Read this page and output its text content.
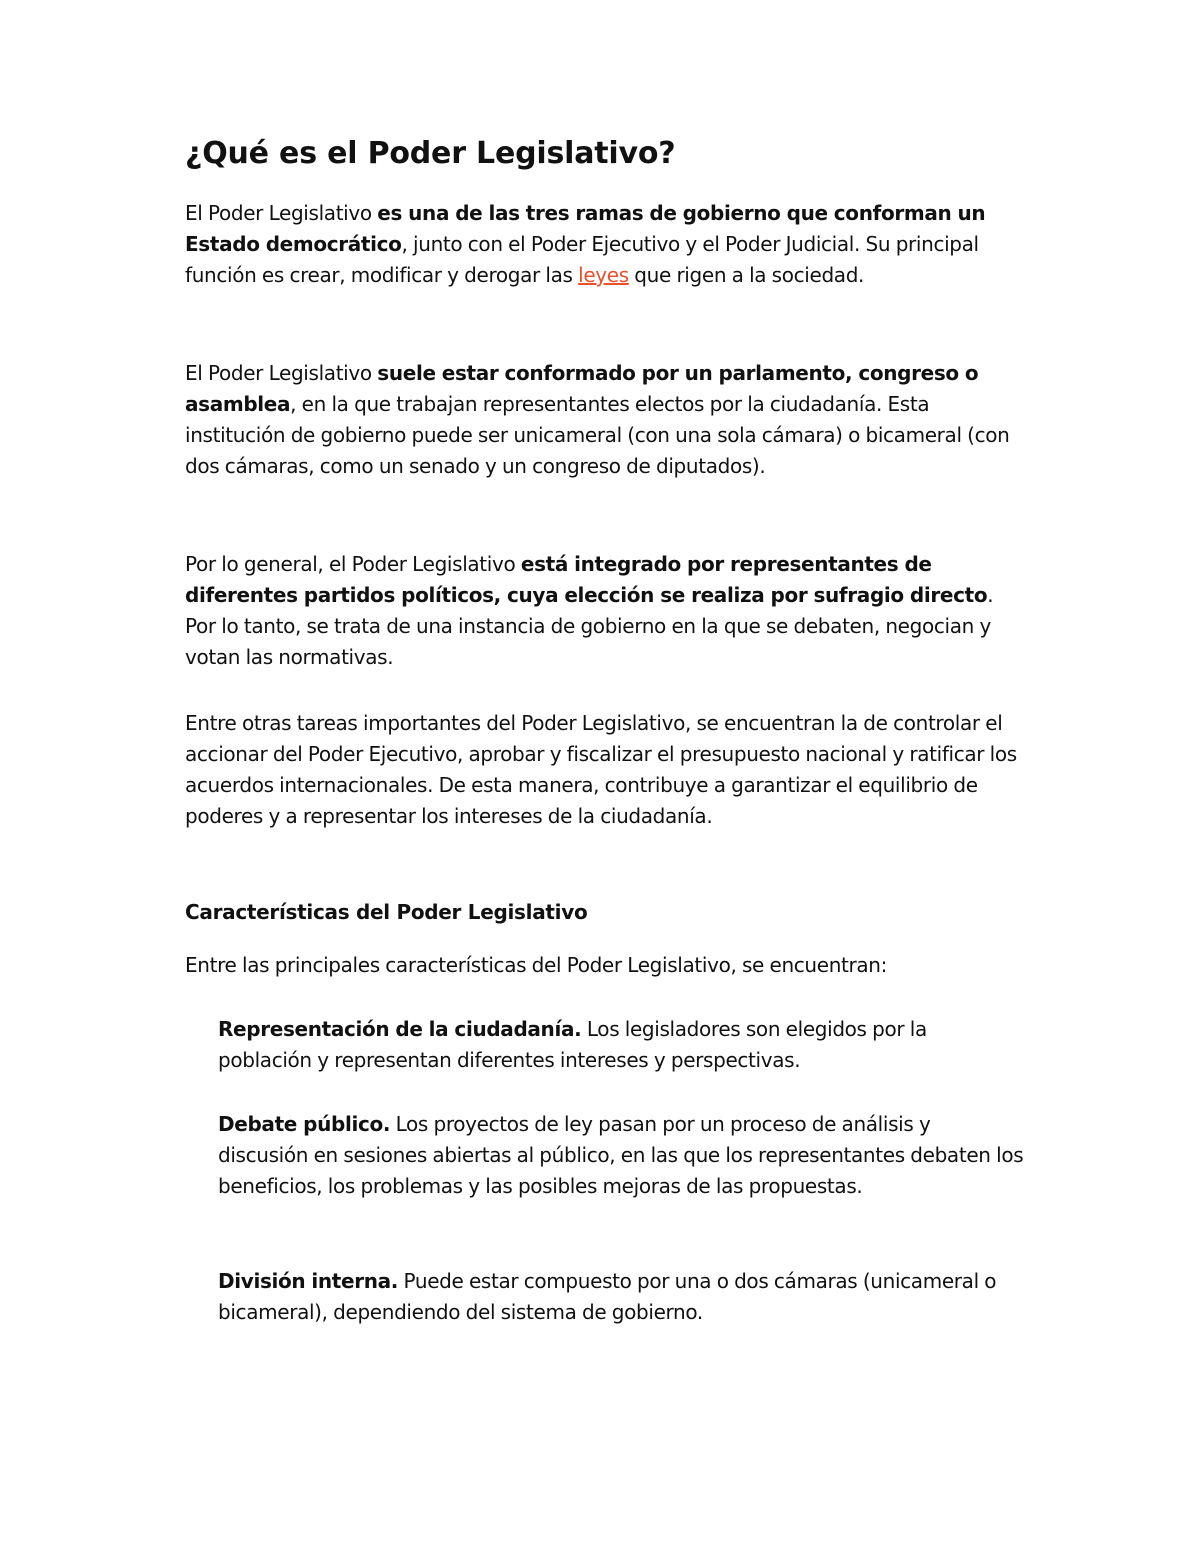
¿Qué es el Poder Legislativo?

El Poder Legislativo es una de las tres ramas de gobierno que conforman un Estado democrático, junto con el Poder Ejecutivo y el Poder Judicial. Su principal función es crear, modificar y derogar las leyes que rigen a la sociedad.

El Poder Legislativo suele estar conformado por un parlamento, congreso o asamblea, en la que trabajan representantes electos por la ciudadanía. Esta institución de gobierno puede ser unicameral (con una sola cámara) o bicameral (con dos cámaras, como un senado y un congreso de diputados).

Por lo general, el Poder Legislativo está integrado por representantes de diferentes partidos políticos, cuya elección se realiza por sufragio directo. Por lo tanto, se trata de una instancia de gobierno en la que se debaten, negocian y votan las normativas.

Entre otras tareas importantes del Poder Legislativo, se encuentran la de controlar el accionar del Poder Ejecutivo, aprobar y fiscalizar el presupuesto nacional y ratificar los acuerdos internacionales. De esta manera, contribuye a garantizar el equilibrio de poderes y a representar los intereses de la ciudadanía.

Características del Poder Legislativo

Entre las principales características del Poder Legislativo, se encuentran:

Representación de la ciudadanía. Los legisladores son elegidos por la población y representan diferentes intereses y perspectivas.

Debate público. Los proyectos de ley pasan por un proceso de análisis y discusión en sesiones abiertas al público, en las que los representantes debaten los beneficios, los problemas y las posibles mejoras de las propuestas.

División interna. Puede estar compuesto por una o dos cámaras (unicameral o bicameral), dependiendo del sistema de gobierno.
